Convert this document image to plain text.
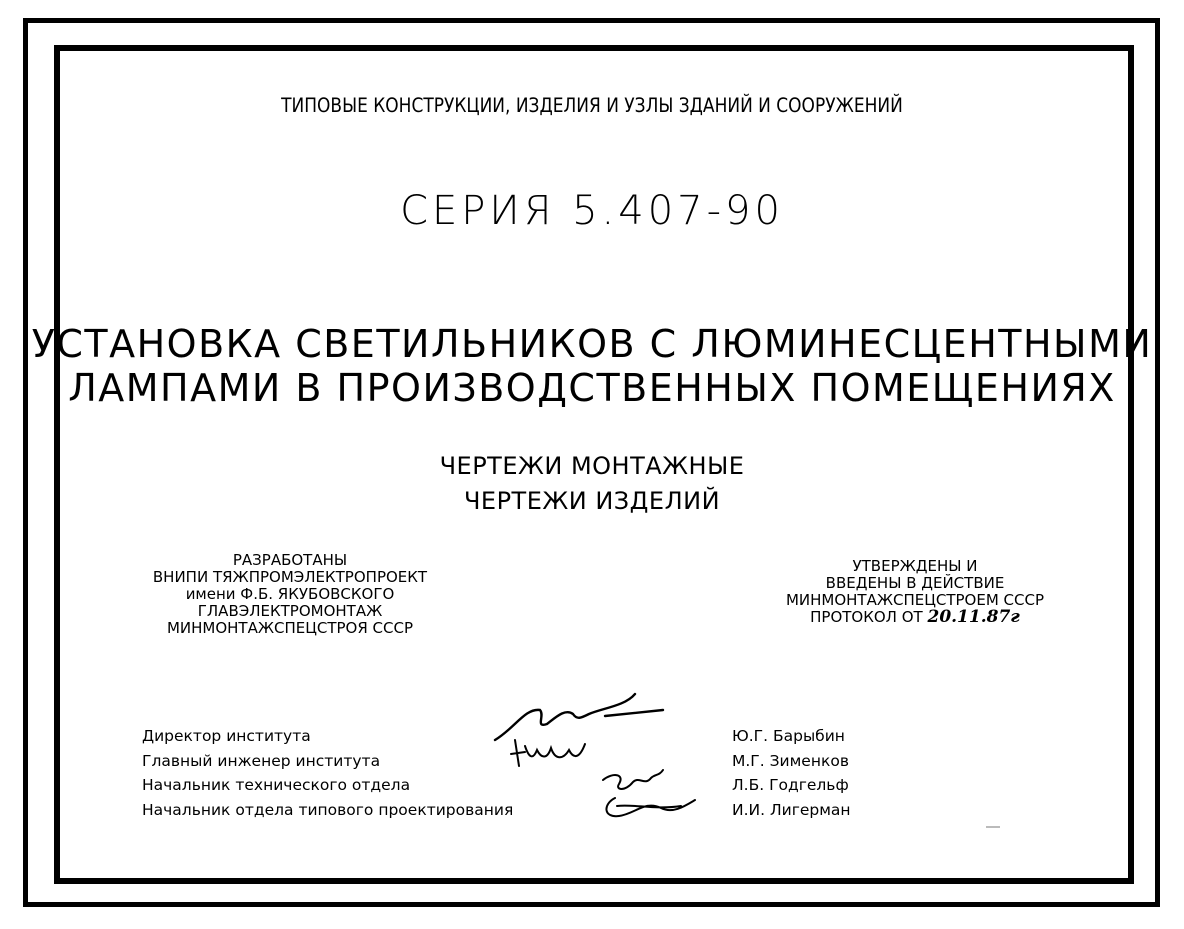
ТИПОВЫЕ КОНСТРУКЦИИ, ИЗДЕЛИЯ И УЗЛЫ ЗДАНИЙ И СООРУЖЕНИЙ
СЕРИЯ 5.407-90
УСТАНОВКА СВЕТИЛЬНИКОВ С ЛЮМИНЕСЦЕНТНЫМИ
ЛАМПАМИ В ПРОИЗВОДСТВЕННЫХ ПОМЕЩЕНИЯХ
ЧЕРТЕЖИ МОНТАЖНЫЕ
ЧЕРТЕЖИ ИЗДЕЛИЙ
РАЗРАБОТАНЫ
ВНИПИ ТЯЖПРОМЭЛЕКТРОПРОЕКТ
имени Ф.Б. ЯКУБОВСКОГО
ГЛАВЭЛЕКТРОМОНТАЖ
МИНМОНТАЖСПЕЦСТРОЯ СССР
УТВЕРЖДЕНЫ И
ВВЕДЕНЫ В ДЕЙСТВИЕ
МИНМОНТАЖСПЕЦСТРОЕМ СССР
ПРОТОКОЛ ОТ 20.11.87г
Директор института
Главный инженер института
Начальник технического отдела
Начальник отдела типового проектирования
Ю.Г. Барыбин
М.Г. Зименков
Л.Б. Годгельф
И.И. Лигерман
